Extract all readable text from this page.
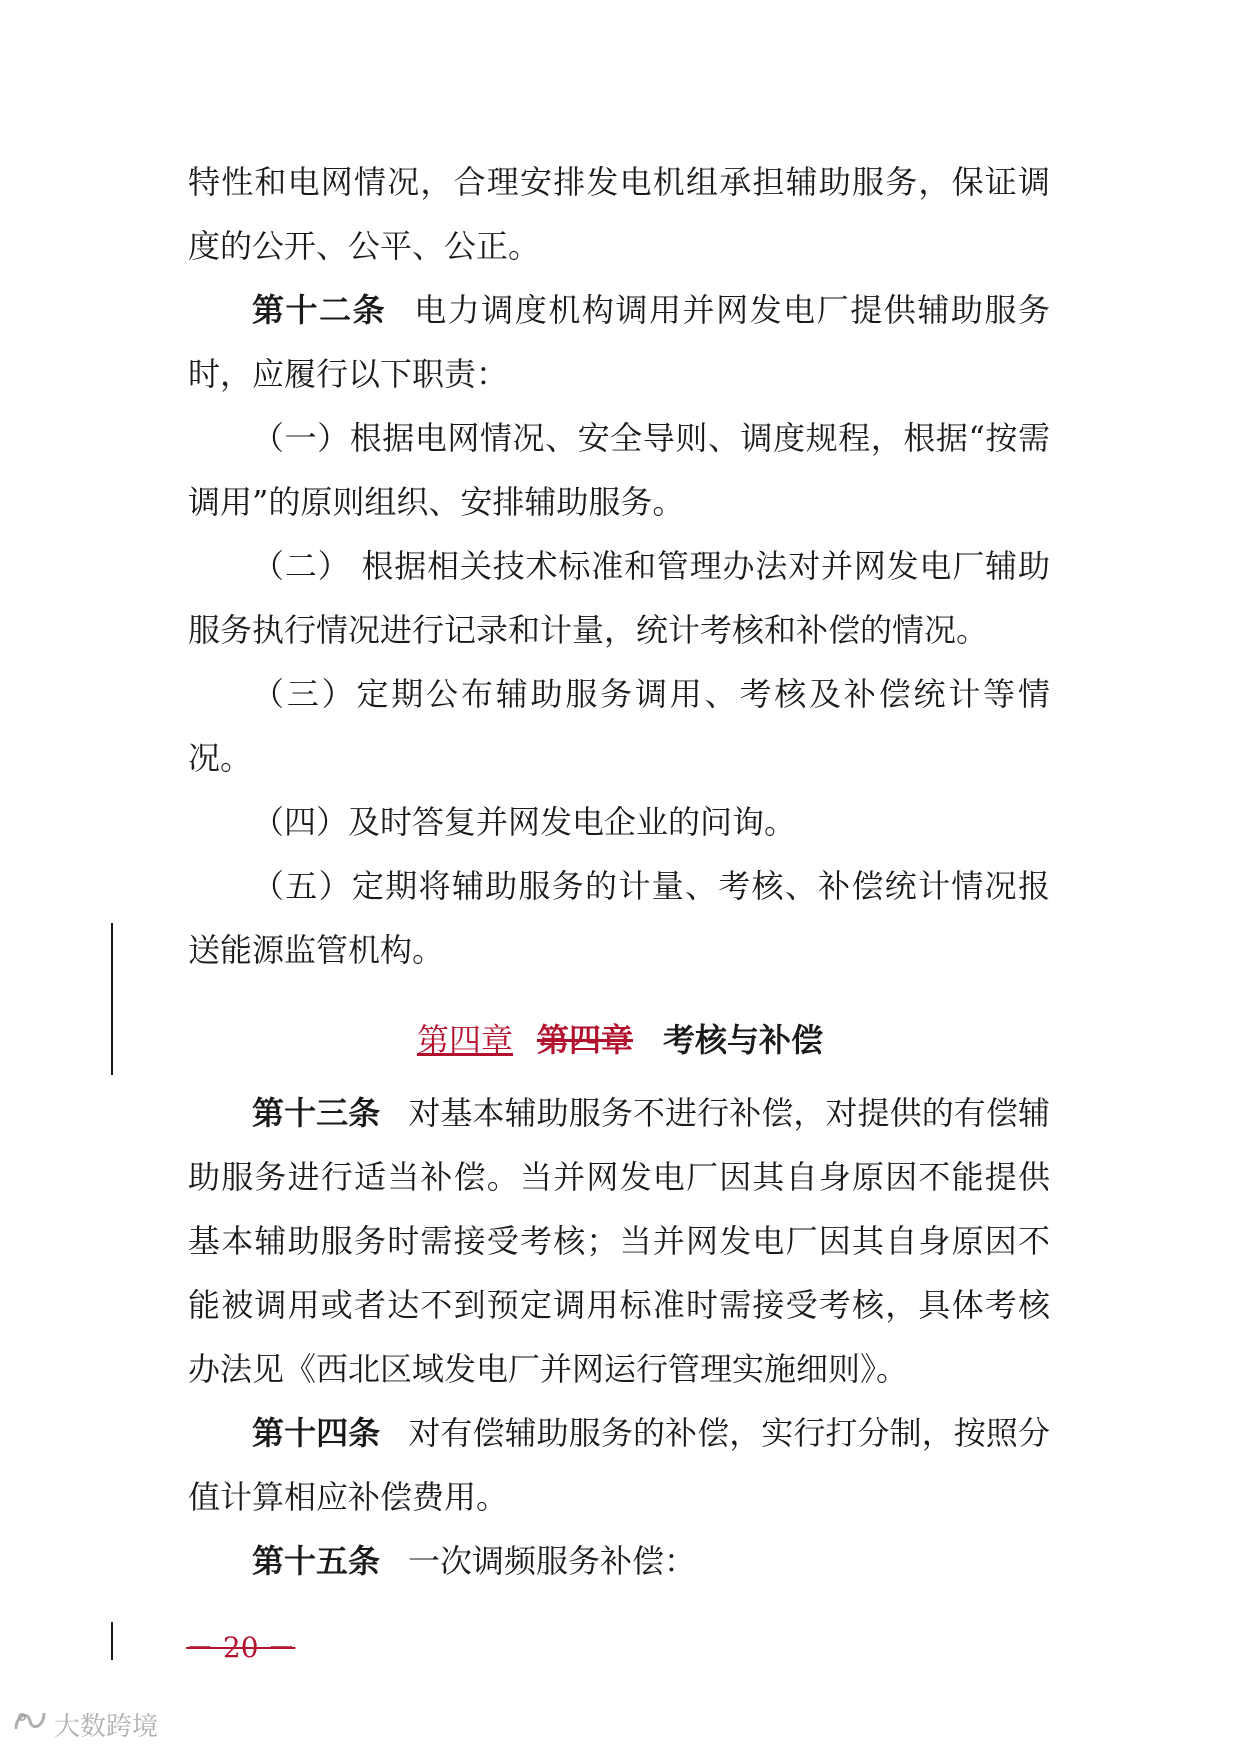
特性和电网情况，合理安排发电机组承担辅助服务，保证调度的公开、公平、公正。

第十二条 电力调度机构调用并网发电厂提供辅助服务时，应履行以下职责：

（一）根据电网情况、安全导则、调度规程，根据“按需调用”的原则组织、安排辅助服务。

（二） 根据相关技术标准和管理办法对并网发电厂辅助服务执行情况进行记录和计量，统计考核和补偿的情况。

（三）定期公布辅助服务调用、考核及补偿统计等情况。

（四）及时答复并网发电企业的问询。

（五）定期将辅助服务的计量、考核、补偿统计情况报送能源监管机构。

第四章 第四章 考核与补偿

第十三条 对基本辅助服务不进行补偿，对提供的有偿辅助服务进行适当补偿。当并网发电厂因其自身原因不能提供基本辅助服务时需接受考核；当并网发电厂因其自身原因不能被调用或者达不到预定调用标准时需接受考核，具体考核办法见《西北区域发电厂并网运行管理实施细则》。

第十四条 对有偿辅助服务的补偿，实行打分制，按照分值计算相应补偿费用。

第十五条 一次调频服务补偿：

－ 20 －
大数跨境
